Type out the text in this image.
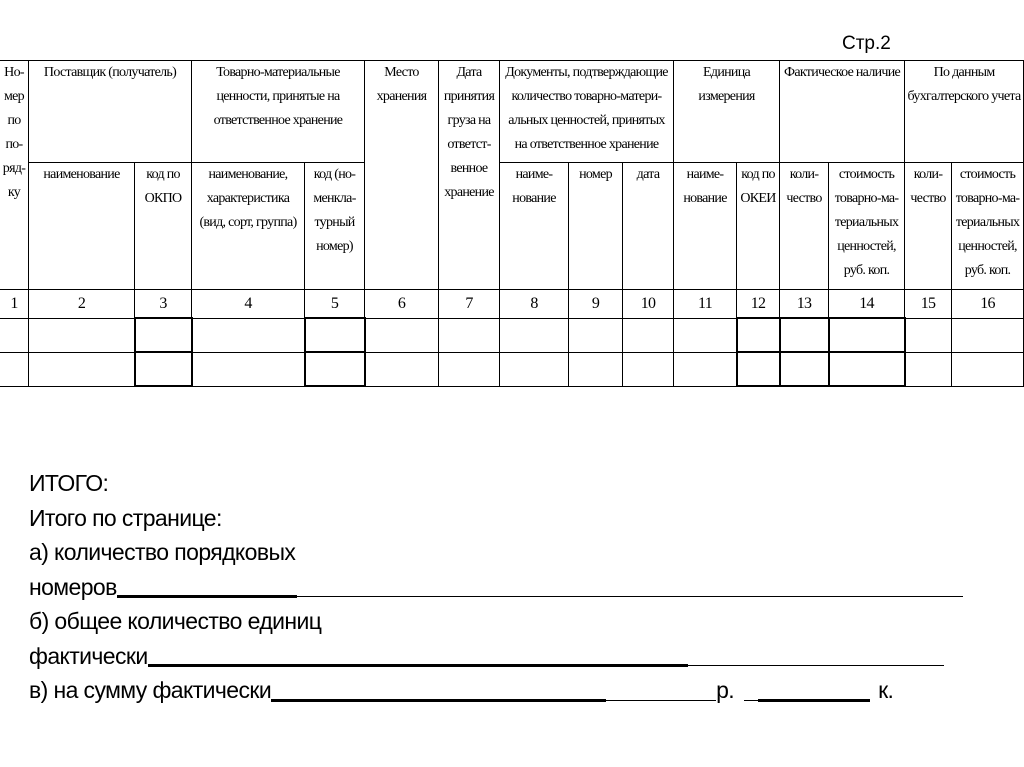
Стр.2
Но-мер по по-ряд-ку	Поставщик (получатель)		Товарно-материальные ценности, принятые на ответственное хранение		Место хранения	Дата принятия груза на ответст-венное хранение	Документы, подтверждающие количество товарно-матери-альных ценностей, принятых на ответственное хранение			Единица измерения		Фактическое наличие		По данным бухгалтерского учета	
	наименование	код по ОКПО	наименование, характеристика (вид, сорт, группа)	код (но-менкла-турный номер)			наиме-нование	номер	дата	наиме-нование	код по ОКЕИ	коли-чество	стоимость товарно-ма-териальных ценностей, руб. коп.	коли-чество	стоимость товарно-ма-териальных ценностей, руб. коп.
1	2	3	4	5	6	7	8	9	10	11	12	13	14	15	16

ИТОГО:
Итого по странице:
а) количество порядковых
номеров
б) общее количество единиц
фактически
в) на сумму фактически	р.	к.
